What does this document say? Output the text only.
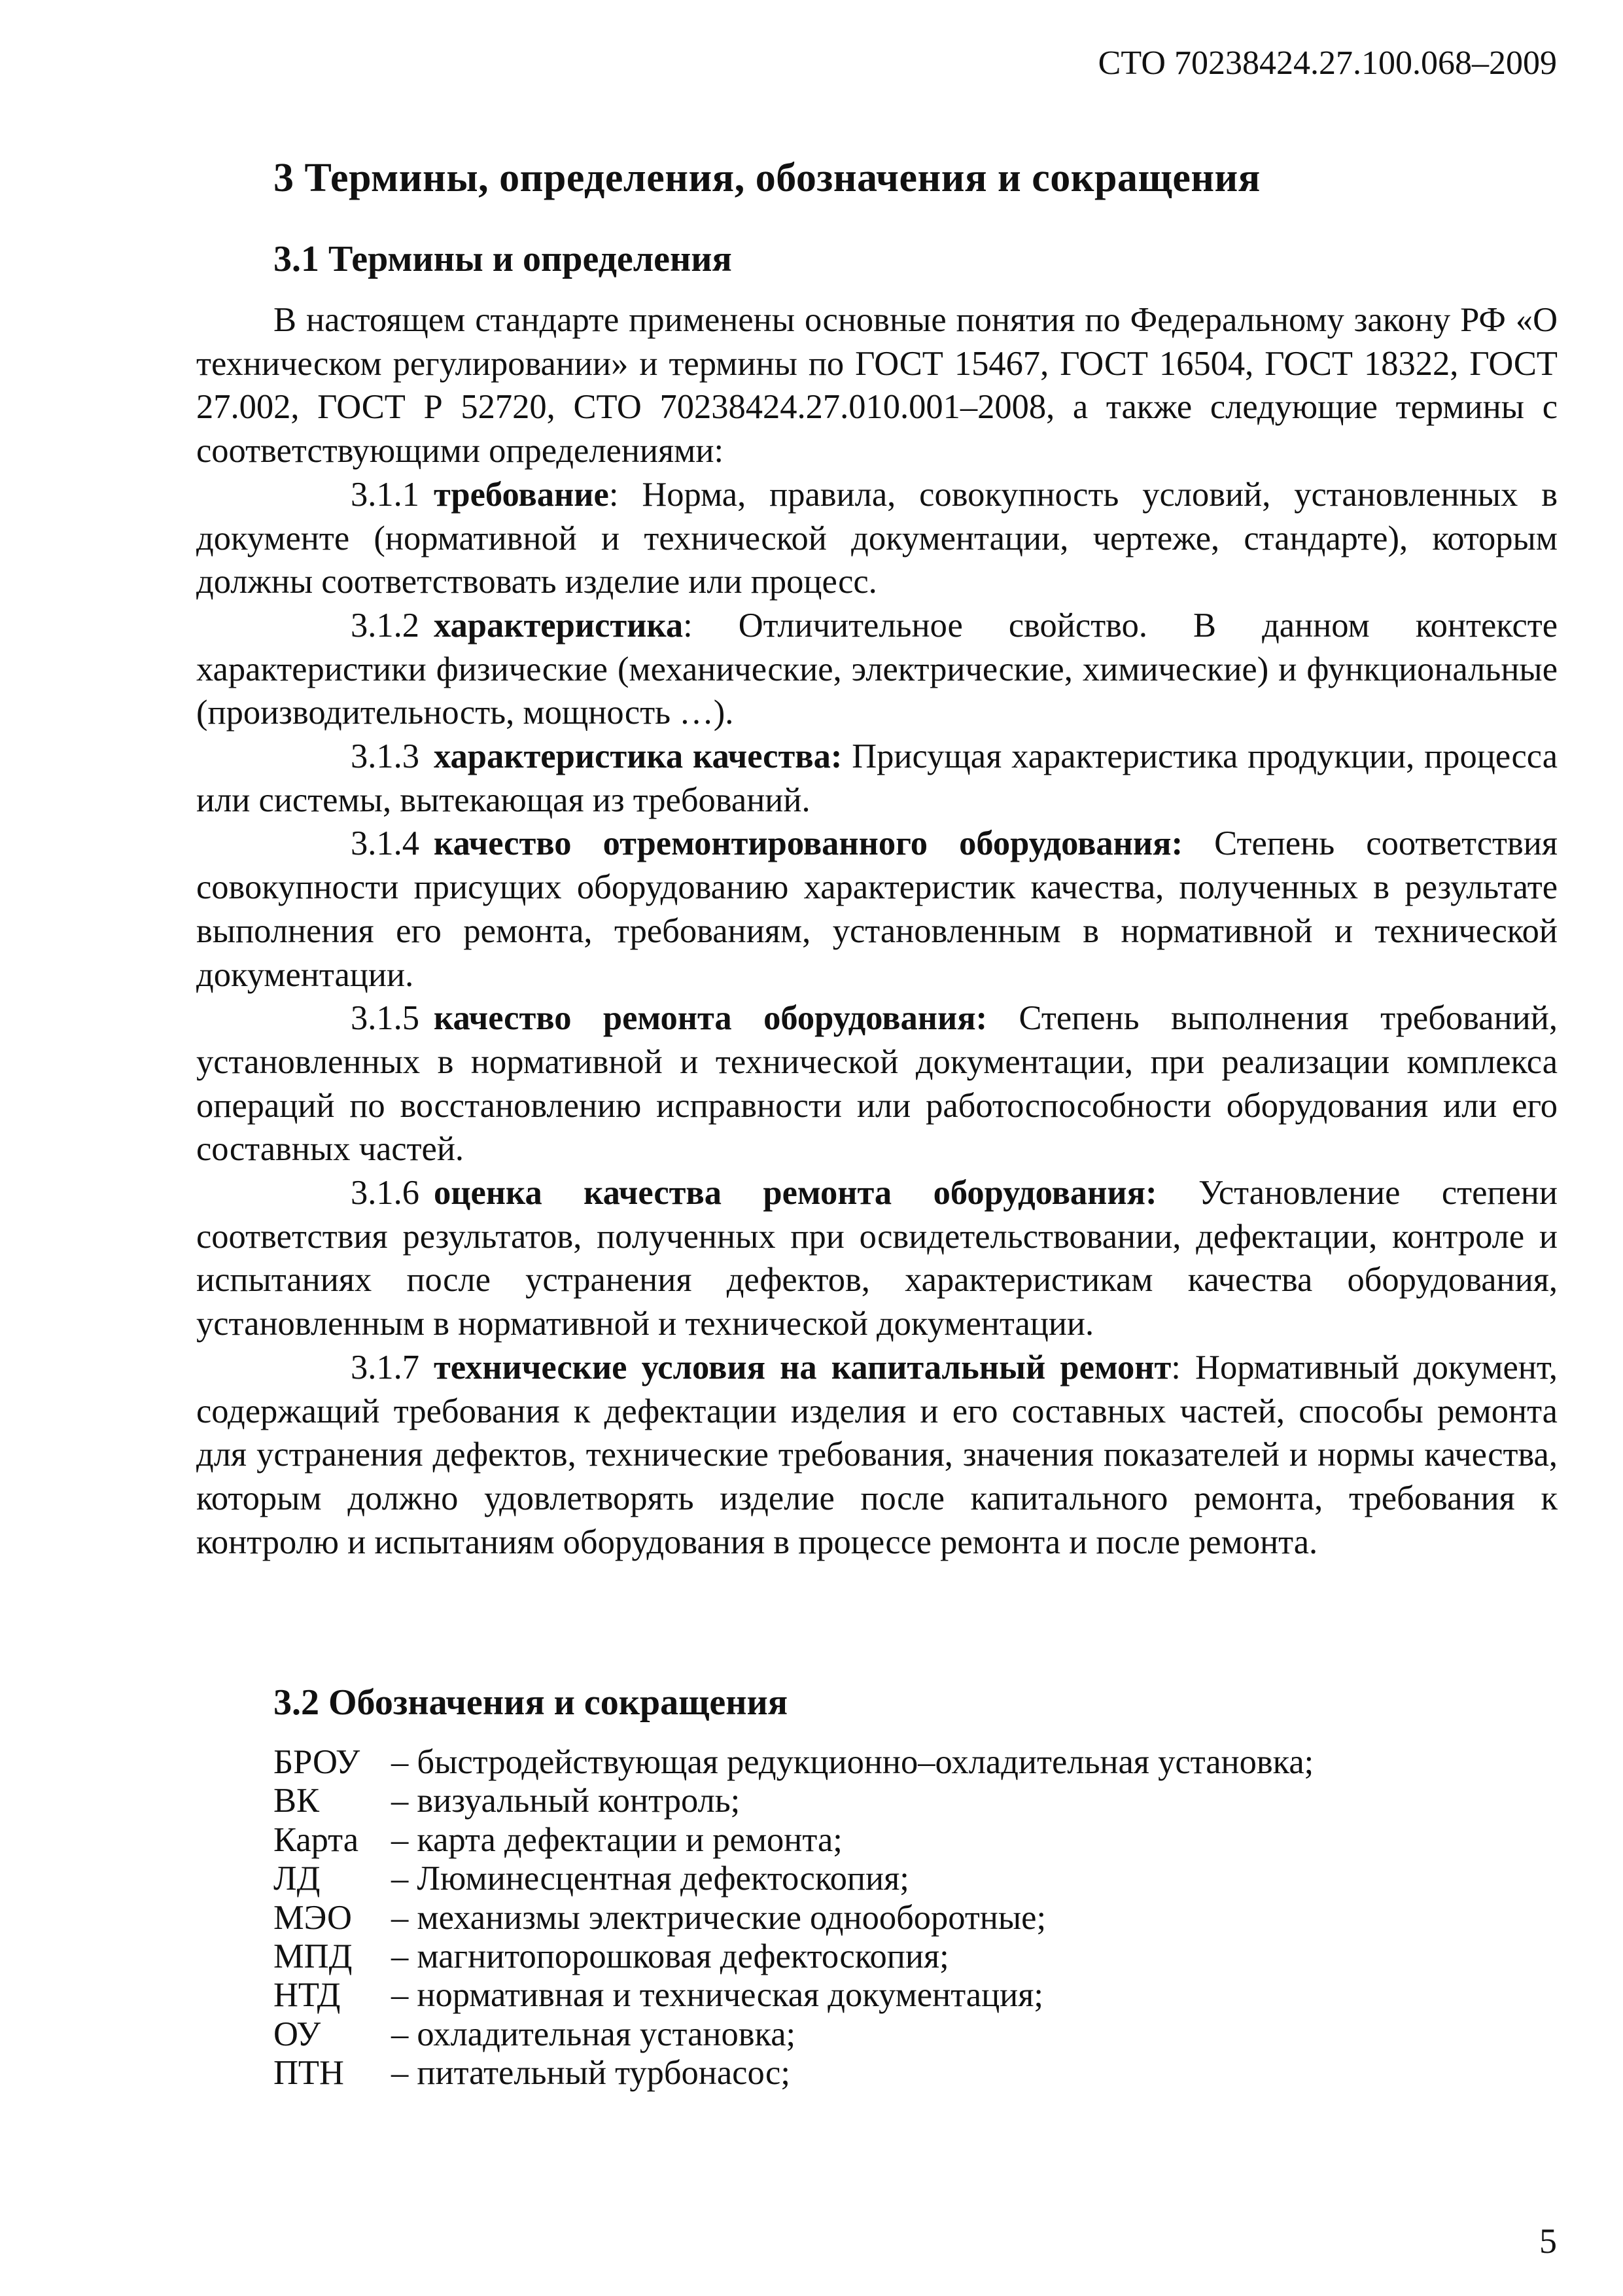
СТО 70238424.27.100.068–2009
3 Термины, определения, обозначения и сокращения
3.1 Термины и определения

В настоящем стандарте применены основные понятия по Федеральному закону РФ «О техническом регулировании» и термины по ГОСТ 15467, ГОСТ 16504, ГОСТ 18322, ГОСТ 27.002, ГОСТ Р 52720, СТО 70238424.27.010.001–2008, а также следующие термины с соответствующими определениями:

3.1.1 требование: Норма, правила, совокупность условий, установленных в документе (нормативной и технической документации, чертеже, стандарте), которым должны соответствовать изделие или процесс.

3.1.2 характеристика: Отличительное свойство. В данном контексте характеристики физические (механические, электрические, химические) и функциональные (производительность, мощность …).

3.1.3 характеристика качества: Присущая характеристика продукции, процесса или системы, вытекающая из требований.

3.1.4 качество отремонтированного оборудования: Степень соответствия совокупности присущих оборудованию характеристик качества, полученных в результате выполнения его ремонта, требованиям, установленным в нормативной и технической документации.

3.1.5 качество ремонта оборудования: Степень выполнения требований, установленных в нормативной и технической документации, при реализации комплекса операций по восстановлению исправности или работоспособности оборудования или его составных частей.

3.1.6 оценка качества ремонта оборудования: Установление степени соответствия результатов, полученных при освидетельствовании, дефектации, контроле и испытаниях после устранения дефектов, характеристикам качества оборудования, установленным в нормативной и технической документации.

3.1.7 технические условия на капитальный ремонт: Нормативный документ, содержащий требования к дефектации изделия и его составных частей, способы ремонта для устранения дефектов, технические требования, значения показателей и нормы качества, которым должно удовлетворять изделие после капитального ремонта, требования к контролю и испытаниям оборудования в процессе ремонта и после ремонта.

3.2 Обозначения и сокращения
БРОУ – быстродействующая редукционно–охладительная установка;
ВК	– визуальный контроль;
Карта – карта дефектации и ремонта;
ЛД	– Люминесцентная дефектоскопия;
МЭО	– механизмы электрические однооборотные;
МПД	– магнитопорошковая дефектоскопия;
НТД	– нормативная и техническая документация;
ОУ	– охладительная установка;
ПТН	– питательный турбонасос;
5
